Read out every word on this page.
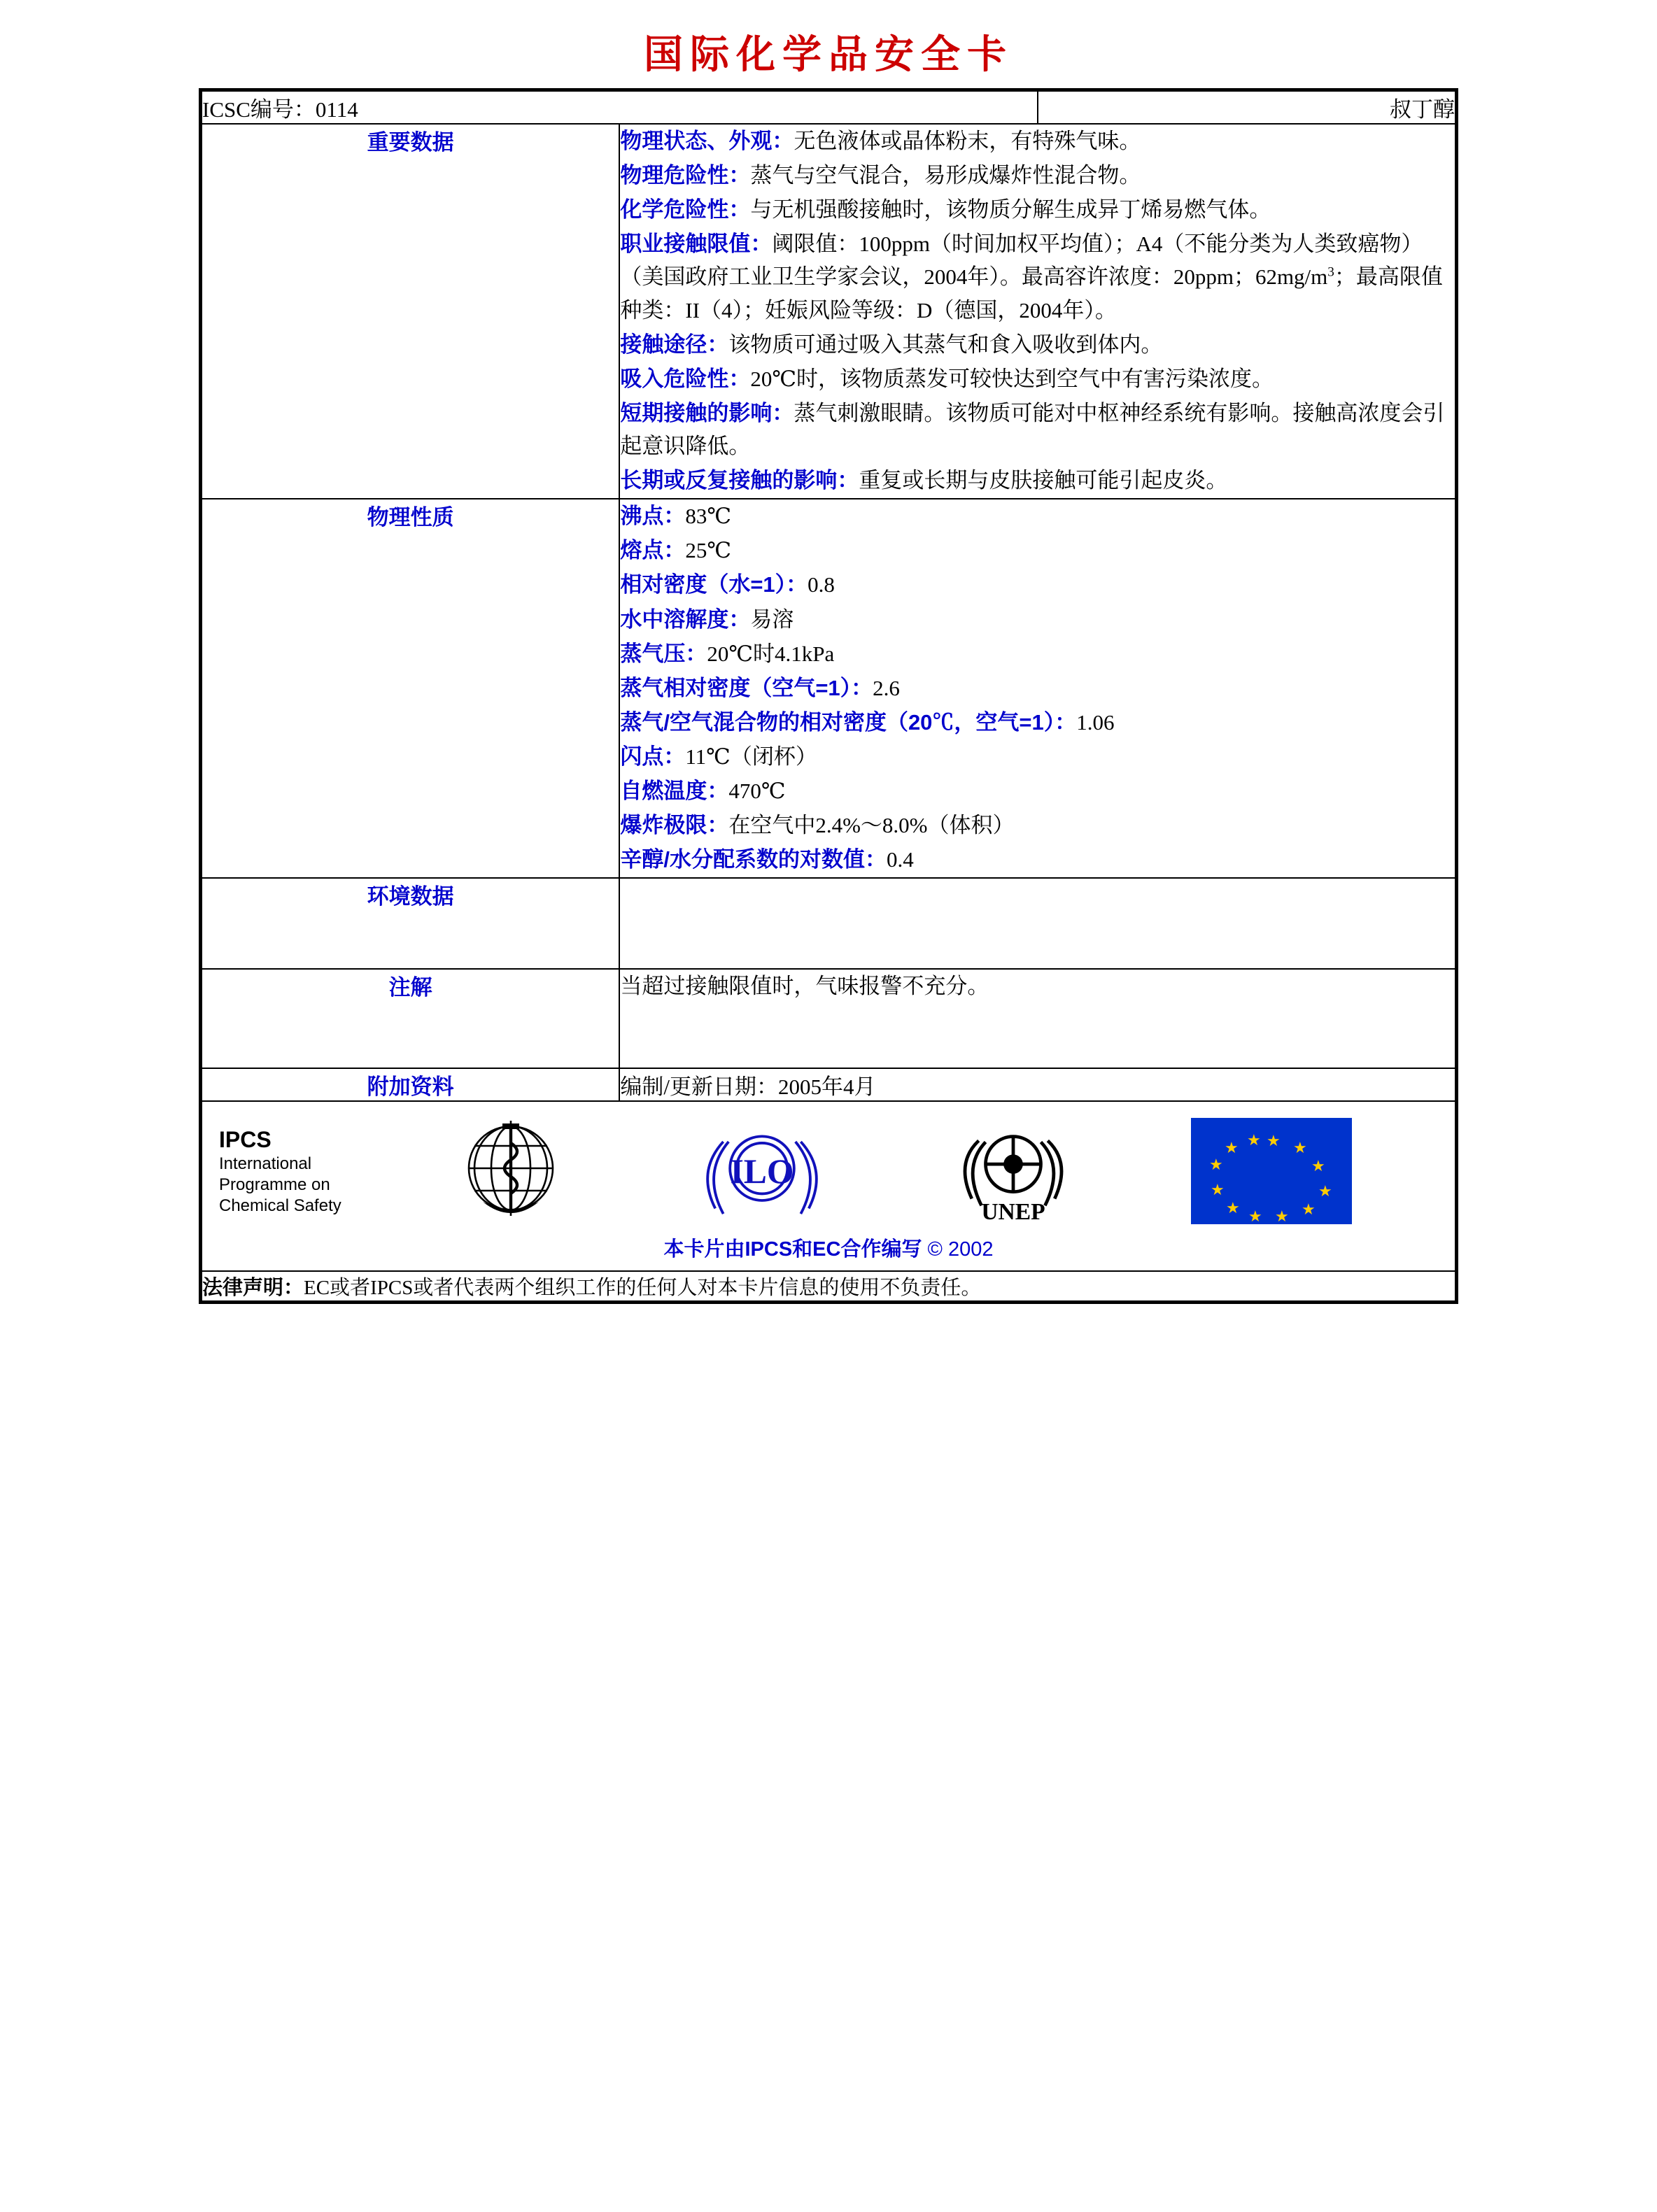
国际化学品安全卡
ICSC编号：0114		叔丁醇
重要数据	物理状态、外观：无色液体或晶体粉末，有特殊气味。

物理危险性：蒸气与空气混合，易形成爆炸性混合物。

化学危险性：与无机强酸接触时，该物质分解生成异丁烯易燃气体。

职业接触限值：阈限值：100ppm（时间加权平均值）；A4（不能分类为人类致癌物）（美国政府工业卫生学家会议，2004年）。最高容许浓度：20ppm；$62mg/m^3$；最高限值种类：II（4）；妊娠风险等级：D（德国，2004年）。

接触途径：该物质可通过吸入其蒸气和食入吸收到体内。

吸入危险性：20℃时，该物质蒸发可较快达到空气中有害污染浓度。

短期接触的影响：蒸气刺激眼睛。该物质可能对中枢神经系统有影响。接触高浓度会引起意识降低。

长期或反复接触的影响：重复或长期与皮肤接触可能引起皮炎。

物理性质	沸点：83℃

熔点：25℃

相对密度（水=1）：0.8

水中溶解度：易溶

蒸气压：20℃时4.1kPa

蒸气相对密度（空气=1）：2.6

蒸气/空气混合物的相对密度（20℃，空气=1）：1.06

闪点：11℃（闭杯）

自燃温度：470℃

爆炸极限：在空气中2.4%～8.0%（体积）

辛醇/水分配系数的对数值：0.4

环境数据		

注解	当超过接触限值时，气味报警不充分。	

附加资料	编制/更新日期：2005年4月	

IPCS
International
Programme on
Chemical Safety
ILO
UNEP
★ ★
★
★
★
★
★
★
★
★
★ ★
本卡片由IPCS和EC合作编写 © 2002

法律声明：EC或者IPCS或者代表两个组织工作的任何人对本卡片信息的使用不负责任。		
